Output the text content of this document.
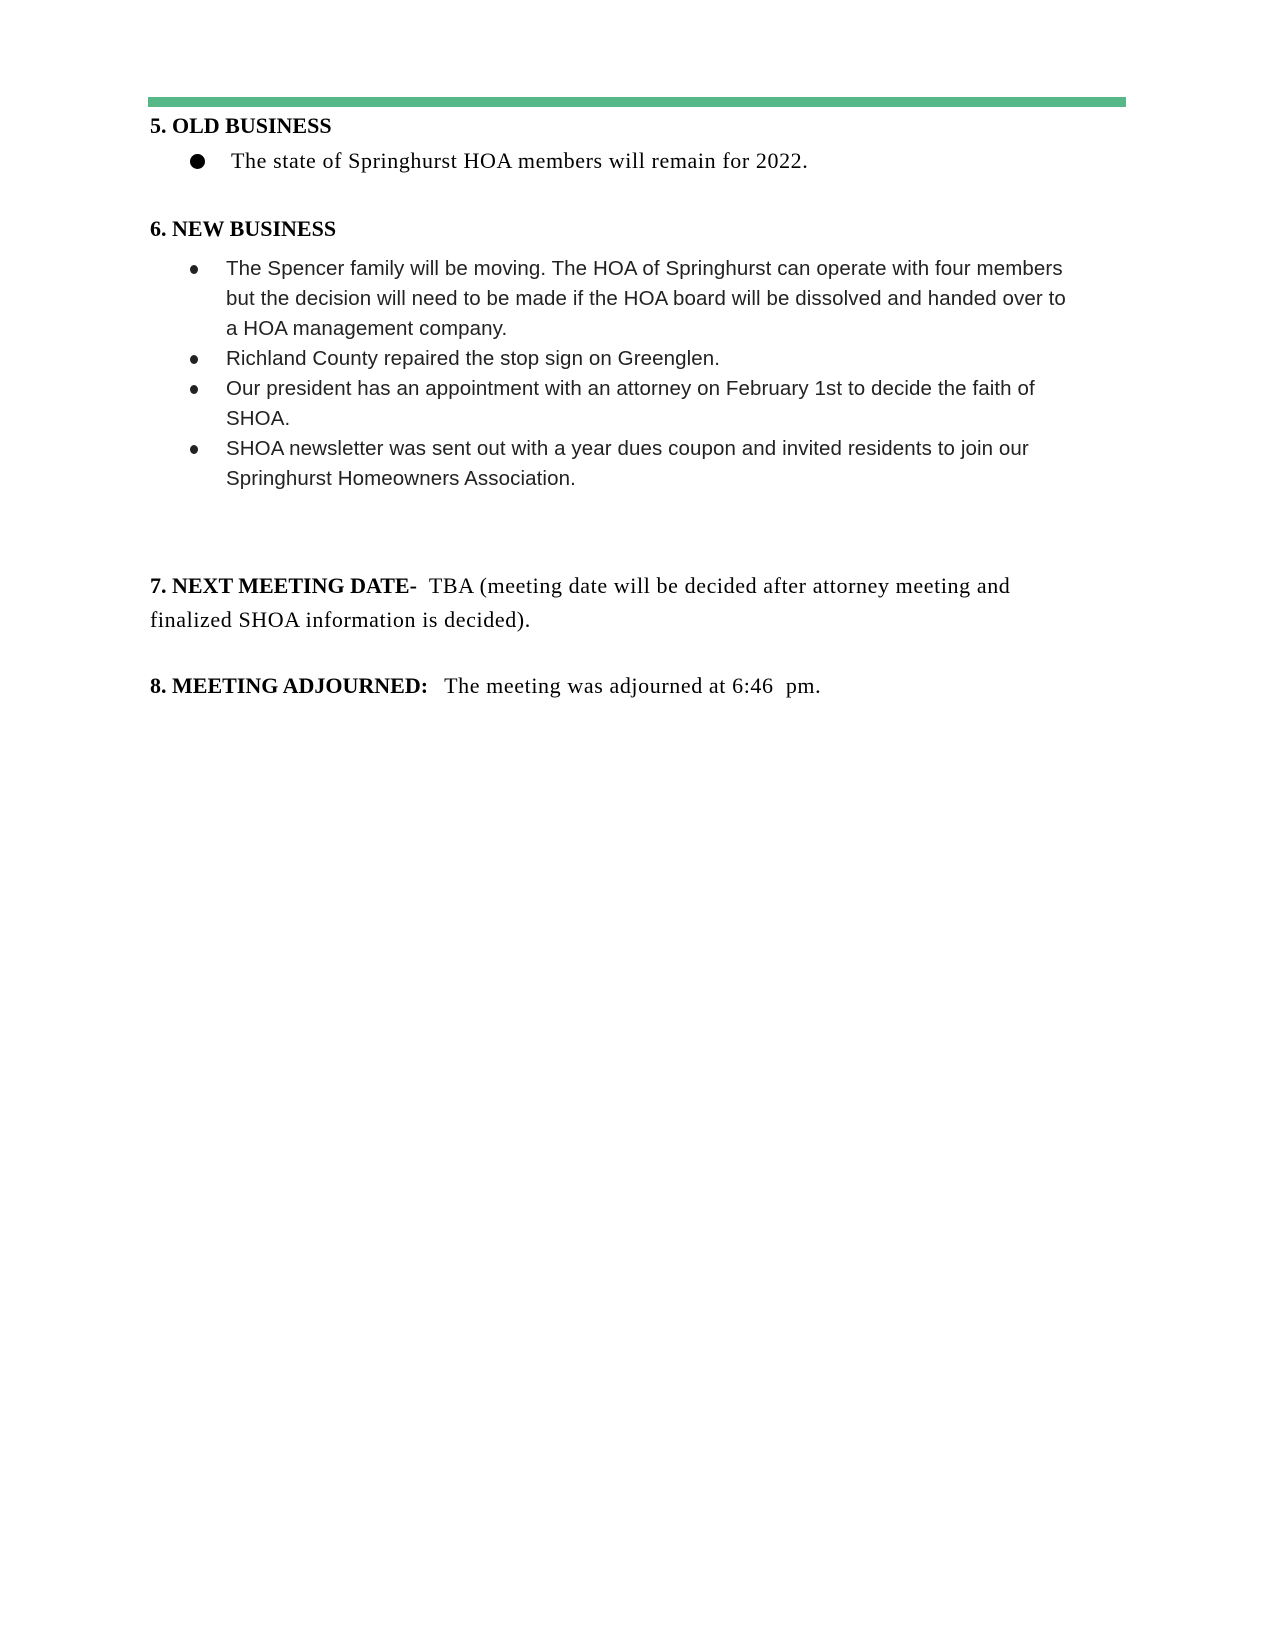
5. OLD BUSINESS
The state of Springhurst HOA members will remain for 2022.
6. NEW BUSINESS
The Spencer family will be moving. The HOA of Springhurst can operate with four members
but the decision will need to be made if the HOA board will be dissolved and handed over to
a HOA management company.
Richland County repaired the stop sign on Greenglen.
Our president has an appointment with an attorney on February 1st to decide the faith of
SHOA.
SHOA newsletter was sent out with a year dues coupon and invited residents to join our
Springhurst Homeowners Association.
7. NEXT MEETING DATE- TBA (meeting date will be decided after attorney meeting and
finalized SHOA information is decided).
8. MEETING ADJOURNED: The meeting was adjourned at 6:46  pm.
